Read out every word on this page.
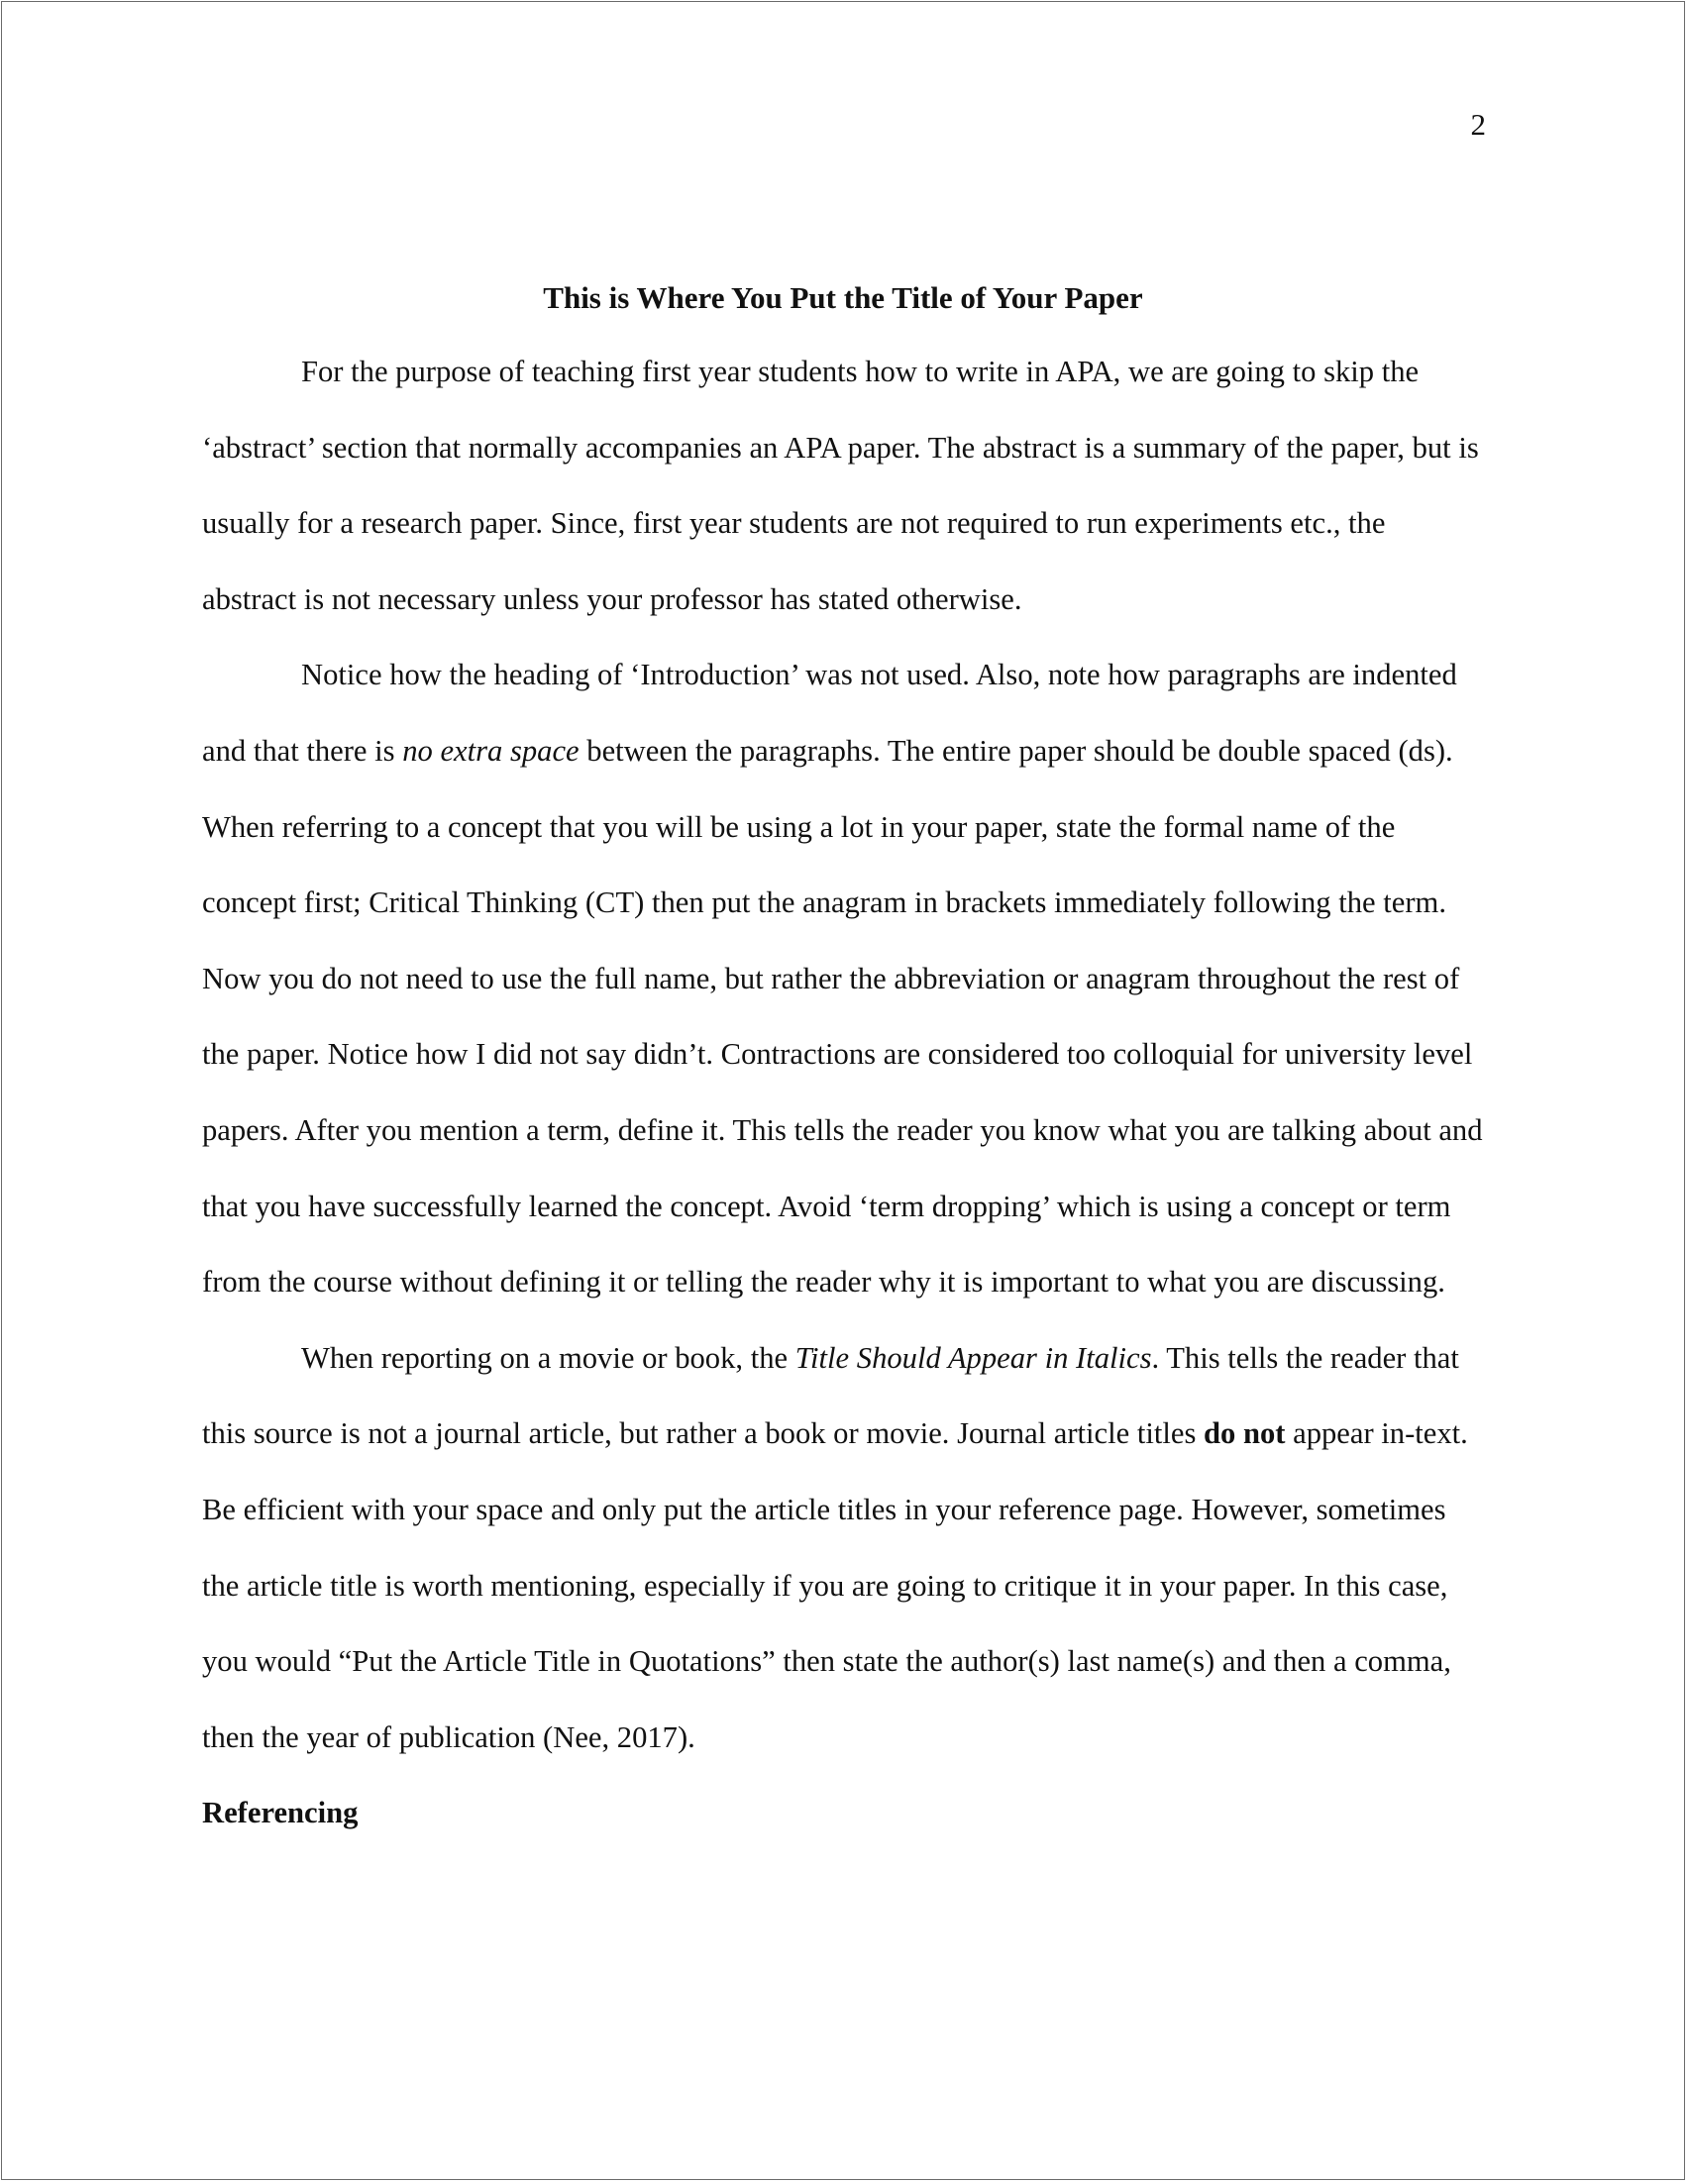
2
This is Where You Put the Title of Your Paper

For the purpose of teaching first year students how to write in APA, we are going to skip the ‘abstract’ section that normally accompanies an APA paper. The abstract is a summary of the paper, but is usually for a research paper. Since, first year students are not required to run experiments etc., the abstract is not necessary unless your professor has stated otherwise.

Notice how the heading of ‘Introduction’ was not used. Also, note how paragraphs are indented and that there is no extra space between the paragraphs. The entire paper should be double spaced (ds). When referring to a concept that you will be using a lot in your paper, state the formal name of the concept first; Critical Thinking (CT) then put the anagram in brackets immediately following the term. Now you do not need to use the full name, but rather the abbreviation or anagram throughout the rest of the paper. Notice how I did not say didn’t. Contractions are considered too colloquial for university level papers. After you mention a term, define it. This tells the reader you know what you are talking about and that you have successfully learned the concept. Avoid ‘term dropping’ which is using a concept or term from the course without defining it or telling the reader why it is important to what you are discussing.

When reporting on a movie or book, the Title Should Appear in Italics. This tells the reader that this source is not a journal article, but rather a book or movie. Journal article titles do not appear in-text. Be efficient with your space and only put the article titles in your reference page. However, sometimes the article title is worth mentioning, especially if you are going to critique it in your paper. In this case, you would “Put the Article Title in Quotations” then state the author(s) last name(s) and then a comma, then the year of publication (Nee, 2017).

Referencing
